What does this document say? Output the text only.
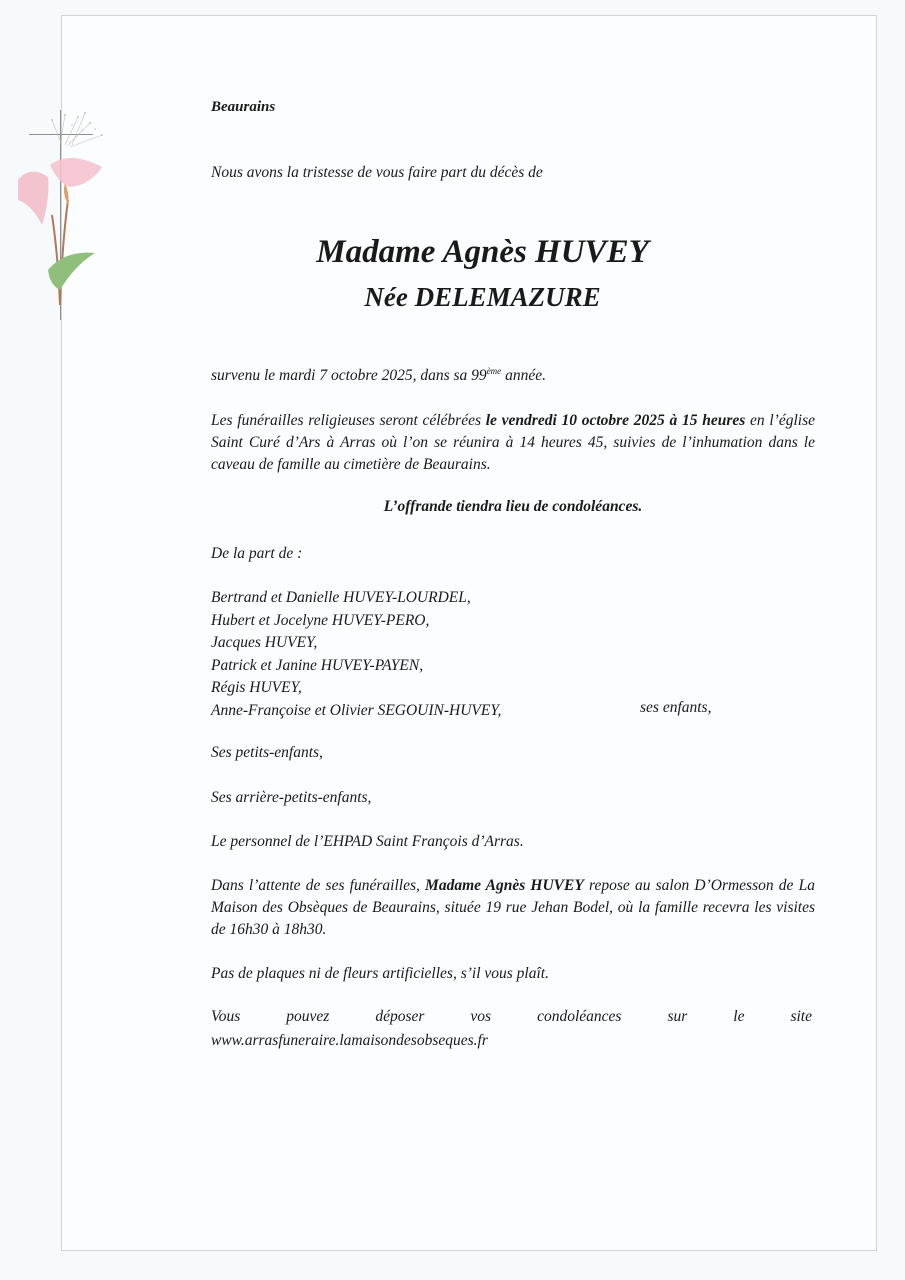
Beaurains
Nous avons la tristesse de vous faire part du décès de
Madame Agnès HUVEY
Née DELEMAZURE
survenu le mardi 7 octobre 2025, dans sa 99ème année.
Les funérailles religieuses seront célébrées le vendredi 10 octobre 2025 à 15 heures en l’église Saint Curé d’Ars à Arras où l’on se réunira à 14 heures 45, suivies de l’inhumation dans le caveau de famille au cimetière de Beaurains.
L’offrande tiendra lieu de condoléances.
De la part de :
Bertrand et Danielle HUVEY-LOURDEL,
Hubert et Jocelyne HUVEY-PERO,
Jacques HUVEY,
Patrick et Janine HUVEY-PAYEN,
Régis HUVEY,
Anne-Françoise et Olivier SEGOUIN-HUVEY,	ses enfants,
Ses petits-enfants,
Ses arrière-petits-enfants,
Le personnel de l’EHPAD Saint François d’Arras.
Dans l’attente de ses funérailles, Madame Agnès HUVEY repose au salon D’Ormesson de La Maison des Obsèques de Beaurains, située 19 rue Jehan Bodel, où la famille recevra les visites de 16h30 à 18h30.
Pas de plaques ni de fleurs artificielles, s’il vous plaît.
Vous	pouvez	déposer	vos	condoléances	sur	le	site
www.arrasfuneraire.lamaisondesobseques.fr
